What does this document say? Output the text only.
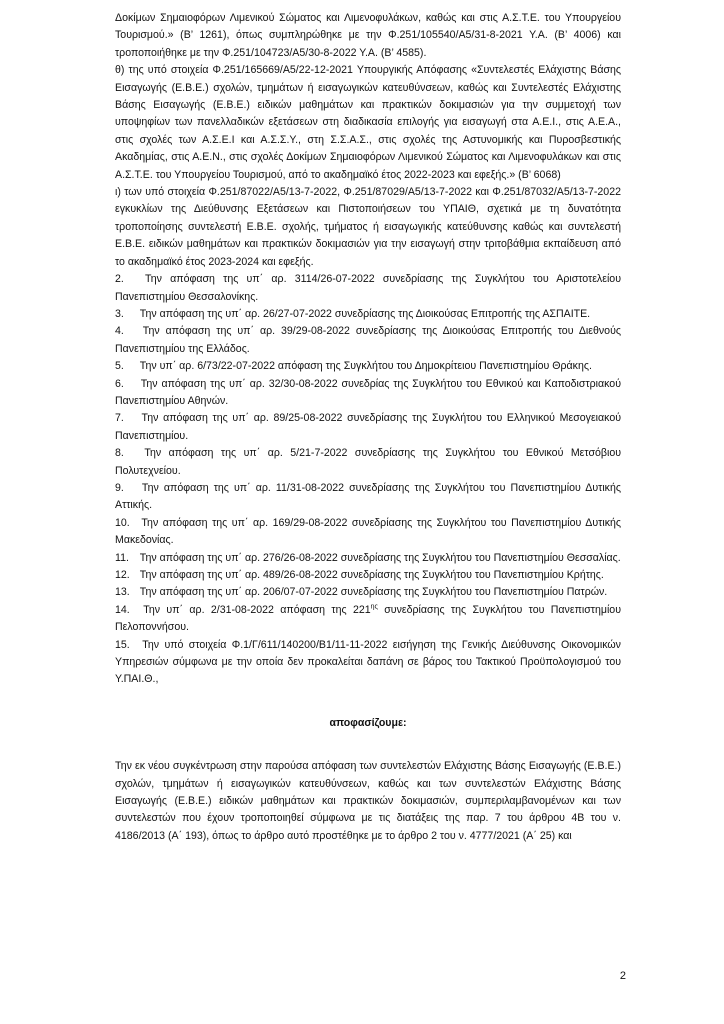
Δοκίμων Σημαιοφόρων Λιμενικού Σώματος και Λιμενοφυλάκων, καθώς και στις Α.Σ.Τ.Ε. του Υπουργείου Τουρισμού.» (Β’ 1261), όπως συμπληρώθηκε με την Φ.251/105540/Α5/31-8-2021 Υ.Α. (Β’ 4006) και τροποποιήθηκε με την Φ.251/104723/Α5/30-8-2022 Υ.Α. (Β’ 4585).

θ) της υπό στοιχεία Φ.251/165669/Α5/22-12-2021 Υπουργικής Απόφασης «Συντελεστές Ελάχιστης Βάσης Εισαγωγής (Ε.Β.Ε.) σχολών, τμημάτων ή εισαγωγικών κατευθύνσεων, καθώς και Συντελεστές Ελάχιστης Βάσης Εισαγωγής (Ε.Β.Ε.) ειδικών μαθημάτων και πρακτικών δοκιμασιών για την συμμετοχή των υποψηφίων των πανελλαδικών εξετάσεων στη διαδικασία επιλογής για εισαγωγή στα Α.Ε.Ι., στις Α.Ε.Α., στις σχολές των Α.Σ.Ε.Ι και Α.Σ.Σ.Υ., στη Σ.Σ.Α.Σ., στις σχολές της Αστυνομικής και Πυροσβεστικής Ακαδημίας, στις Α.Ε.Ν., στις σχολές Δοκίμων Σημαιοφόρων Λιμενικού Σώματος και Λιμενοφυλάκων και στις Α.Σ.Τ.Ε. του Υπουργείου Τουρισμού, από το ακαδημαϊκό έτος 2022-2023 και εφεξής.» (Β’ 6068)

ι) των υπό στοιχεία Φ.251/87022/Α5/13-7-2022, Φ.251/87029/Α5/13-7-2022 και Φ.251/87032/Α5/13-7-2022 εγκυκλίων της Διεύθυνσης Εξετάσεων και Πιστοποιήσεων του ΥΠΑΙΘ, σχετικά με τη δυνατότητα τροποποίησης συντελεστή Ε.Β.Ε. σχολής, τμήματος ή εισαγωγικής κατεύθυνσης καθώς και συντελεστή Ε.Β.Ε. ειδικών μαθημάτων και πρακτικών δοκιμασιών για την εισαγωγή στην τριτοβάθμια εκπαίδευση από το ακαδημαϊκό έτος 2023-2024 και εφεξής.

2. Την απόφαση της υπ΄ αρ. 3114/26-07-2022 συνεδρίασης της Συγκλήτου του Αριστοτελείου Πανεπιστημίου Θεσσαλονίκης.

3. Την απόφαση της υπ΄ αρ. 26/27-07-2022 συνεδρίασης της Διοικούσας Επιτροπής της ΑΣΠΑΙΤΕ.

4. Την απόφαση της υπ΄ αρ. 39/29-08-2022 συνεδρίασης της Διοικούσας Επιτροπής του Διεθνούς Πανεπιστημίου της Ελλάδος.

5. Την υπ΄ αρ. 6/73/22-07-2022 απόφαση της Συγκλήτου του Δημοκρίτειου Πανεπιστημίου Θράκης.

6. Την απόφαση της υπ΄ αρ. 32/30-08-2022 συνεδρίας της Συγκλήτου του Εθνικού και Καποδιστριακού Πανεπιστημίου Αθηνών.

7. Την απόφαση της υπ΄ αρ. 89/25-08-2022 συνεδρίασης της Συγκλήτου του Ελληνικού Μεσογειακού Πανεπιστημίου.

8. Την απόφαση της υπ΄ αρ. 5/21-7-2022 συνεδρίασης της Συγκλήτου του Εθνικού Μετσόβιου Πολυτεχνείου.

9. Την απόφαση της υπ΄ αρ. 11/31-08-2022 συνεδρίασης της Συγκλήτου του Πανεπιστημίου Δυτικής Αττικής.

10. Την απόφαση της υπ΄ αρ. 169/29-08-2022 συνεδρίασης της Συγκλήτου του Πανεπιστημίου Δυτικής Μακεδονίας.

11. Την απόφαση της υπ΄ αρ. 276/26-08-2022 συνεδρίασης της Συγκλήτου του Πανεπιστημίου Θεσσαλίας.

12. Την απόφαση της υπ΄ αρ. 489/26-08-2022 συνεδρίασης της Συγκλήτου του Πανεπιστημίου Κρήτης.

13. Την απόφαση της υπ΄ αρ. 206/07-07-2022 συνεδρίασης της Συγκλήτου του Πανεπιστημίου Πατρών.

14. Την υπ΄ αρ. 2/31-08-2022 απόφαση της $221^{\eta\varsigma}$ συνεδρίασης της Συγκλήτου του Πανεπιστημίου Πελοποννήσου.

15. Την υπό στοιχεία Φ.1/Γ/611/140200/Β1/11-11-2022 εισήγηση της Γενικής Διεύθυνσης Οικονομικών Υπηρεσιών σύμφωνα με την οποία δεν προκαλείται δαπάνη σε βάρος του Τακτικού Προϋπολογισμού του Υ.ΠΑΙ.Θ.,

αποφασίζουμε:

Την εκ νέου συγκέντρωση στην παρούσα απόφαση των συντελεστών Ελάχιστης Βάσης Εισαγωγής (Ε.Β.Ε.) σχολών, τμημάτων ή εισαγωγικών κατευθύνσεων, καθώς και των συντελεστών Ελάχιστης Βάσης Εισαγωγής (Ε.Β.Ε.) ειδικών μαθημάτων και πρακτικών δοκιμασιών, συμπεριλαμβανομένων και των συντελεστών που έχουν τροποποιηθεί σύμφωνα με τις διατάξεις της παρ. 7 του άρθρου 4Β του ν. 4186/2013 (Α΄ 193), όπως το άρθρο αυτό προστέθηκε με το άρθρο 2 του ν. 4777/2021 (Α΄ 25) και

2
